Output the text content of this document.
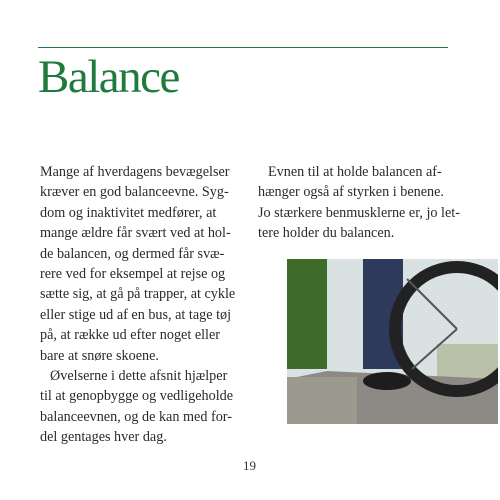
Balance
Mange af hverdagens bevægelser
kræver en god balanceevne. Syg-
dom og inaktivitet medfører, at
mange ældre får svært ved at hol-
de balancen, og dermed får svæ-
rere ved for eksempel at rejse og
sætte sig, at gå på trapper, at cykle
eller stige ud af en bus, at tage tøj
på, at række ud efter noget eller
bare at snøre skoene.
Øvelserne i dette afsnit hjælper
til at genopbygge og vedligeholde
balanceevnen, og de kan med for-
del gentages hver dag.
Evnen til at holde balancen af-
hænger også af styrken i benene.
Jo stærkere benmusklerne er, jo let-
tere holder du balancen.
19
